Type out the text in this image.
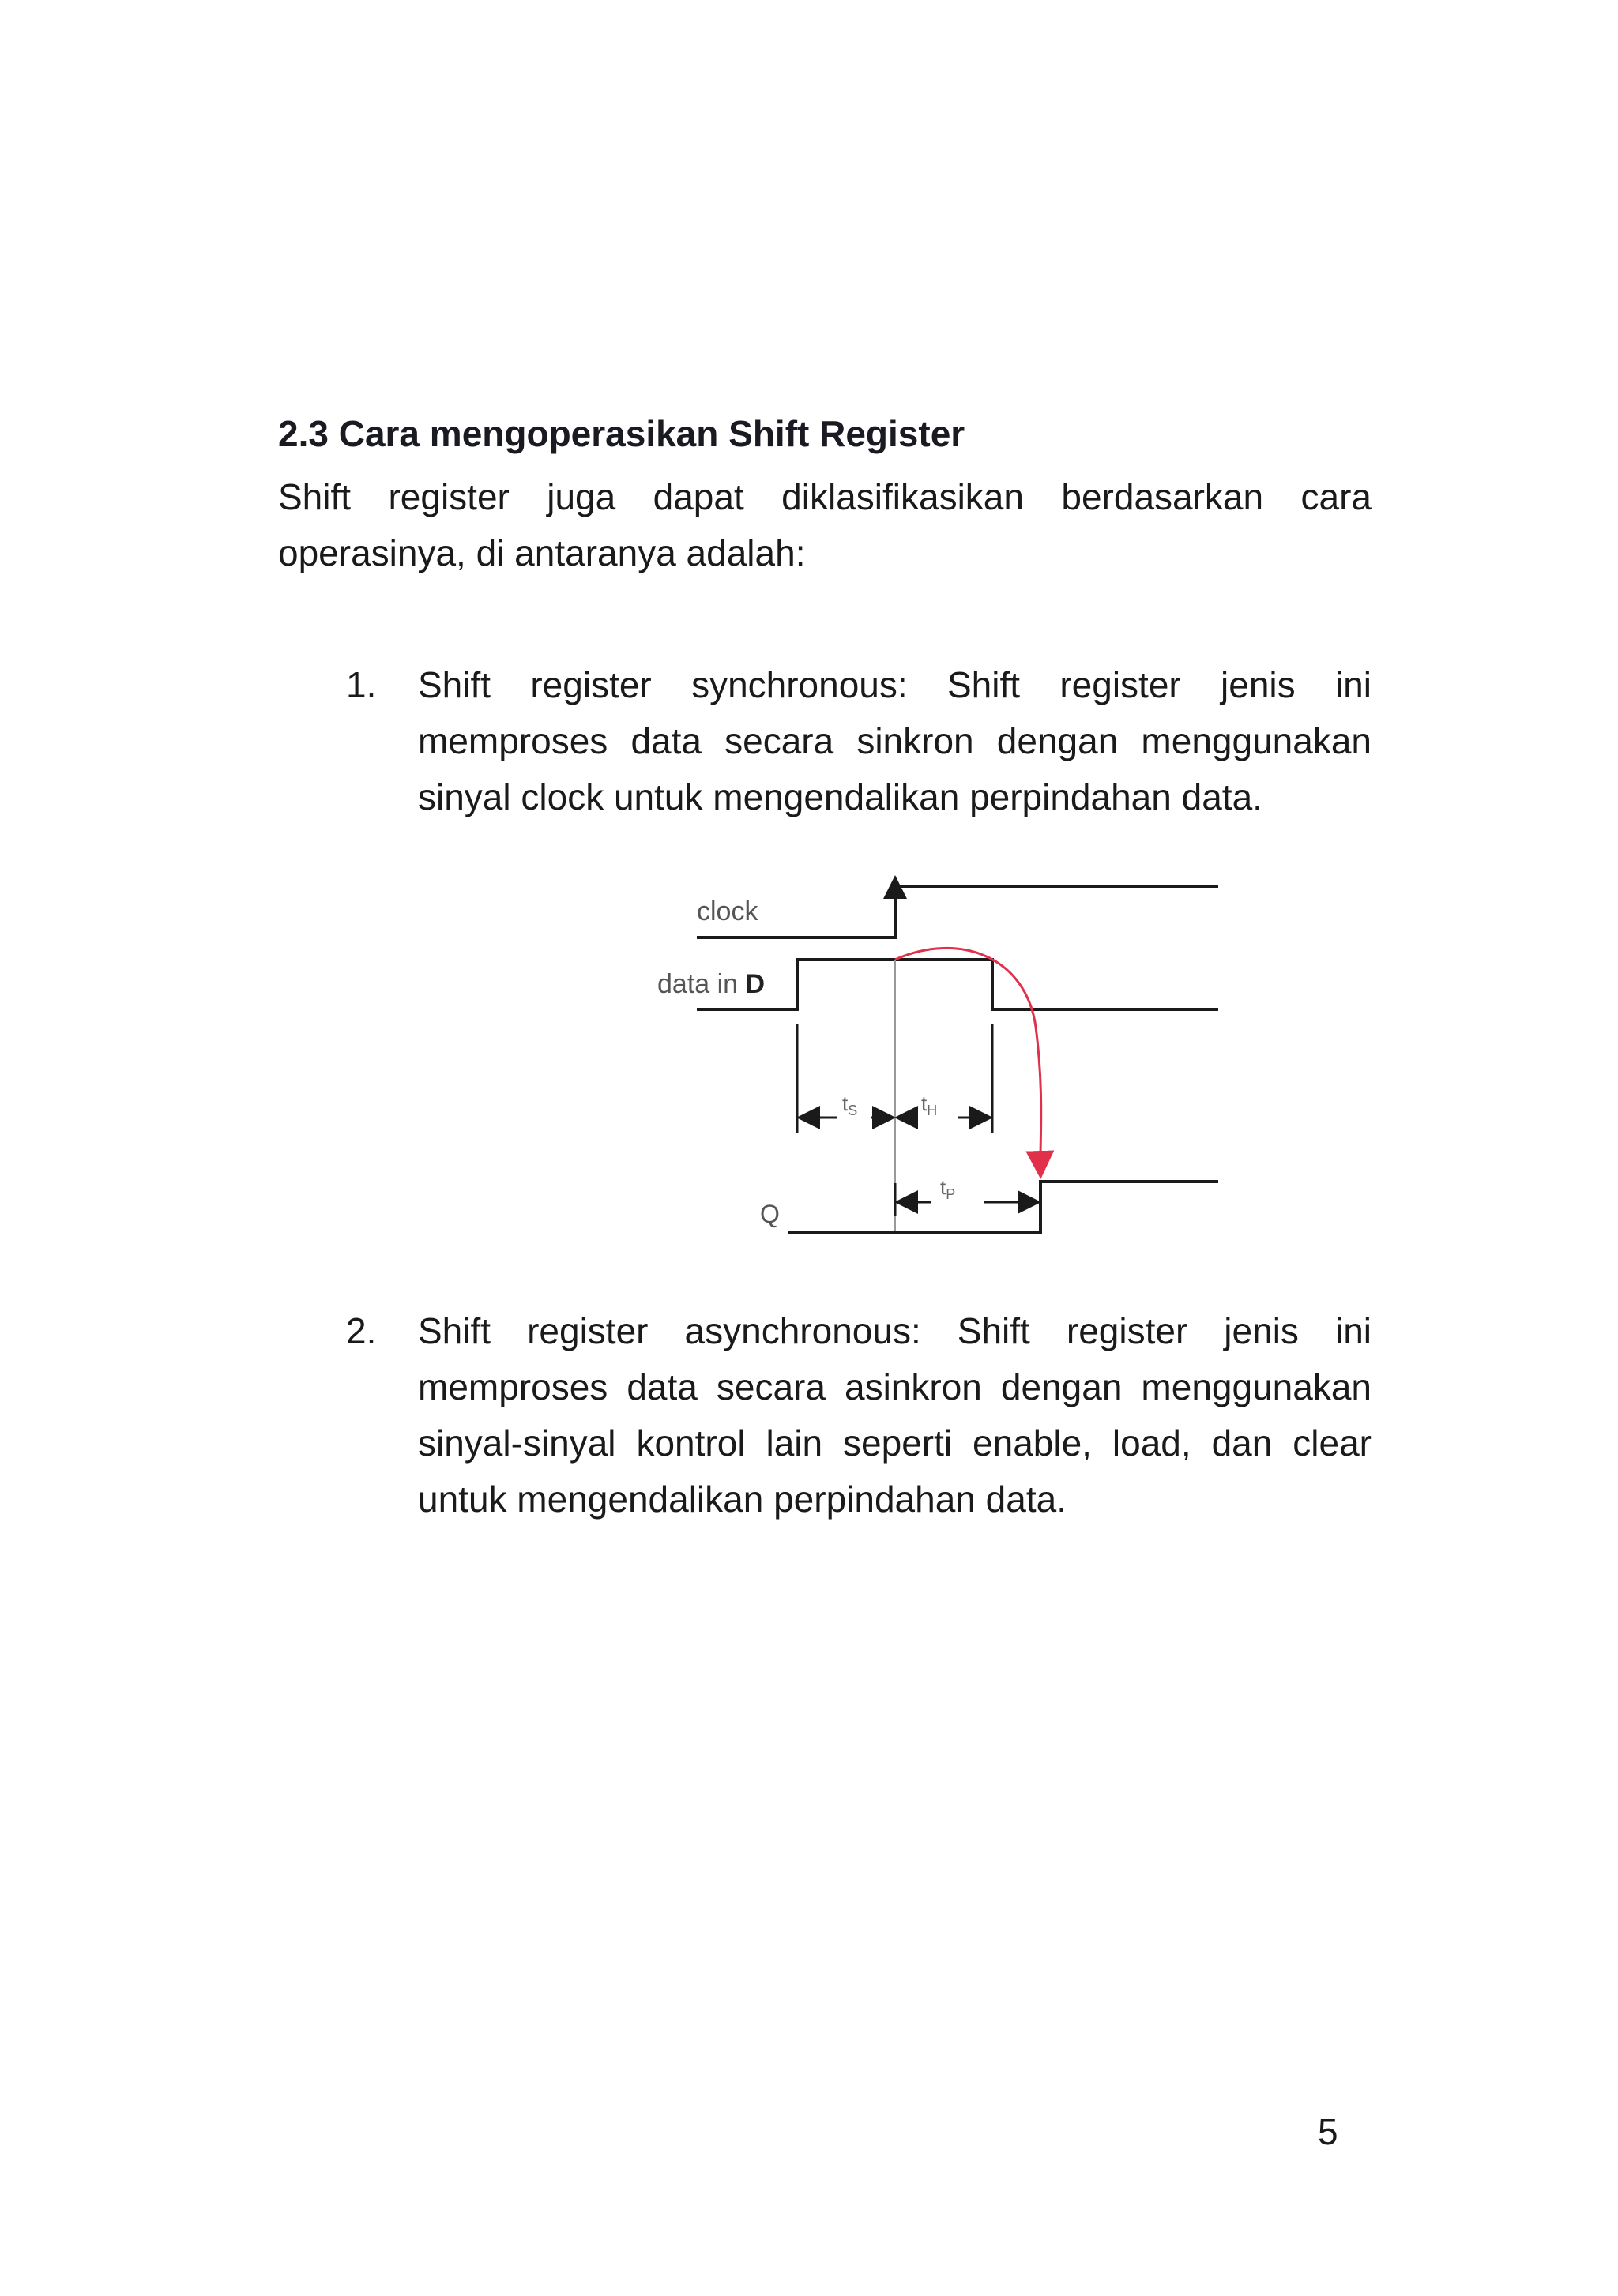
2.3 Cara mengoperasikan Shift Register

Shift register juga dapat diklasifikasikan berdasarkan cara operasinya, di antaranya adalah:

1. Shift register synchronous: Shift register jenis ini memproses data secara sinkron dengan menggunakan sinyal clock untuk mengendalikan perpindahan data.

clock
data in D
Q
$t_S$	$t_H$
$t_P$
2. Shift register asynchronous: Shift register jenis ini memproses data secara asinkron dengan menggunakan sinyal-sinyal kontrol lain seperti enable, load, dan clear untuk mengendalikan perpindahan data.

5
